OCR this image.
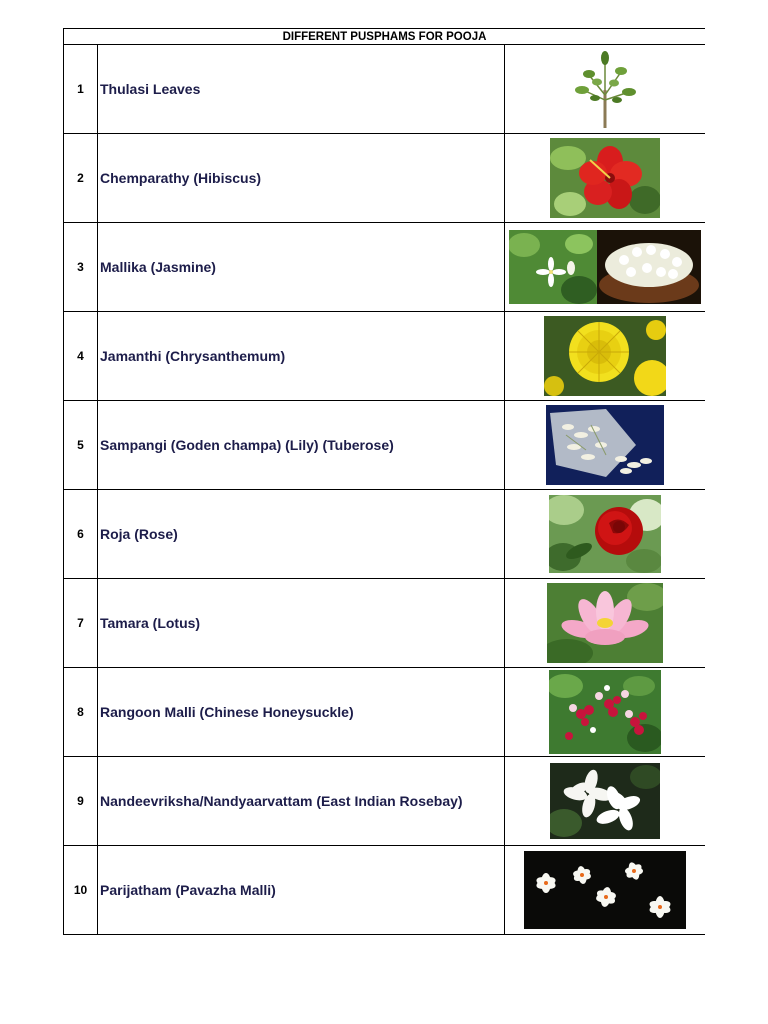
DIFFERENT PUSPHAMS FOR POOJA
1	Thulasi Leaves
2	Chemparathy (Hibiscus)
3	Mallika (Jasmine)
4	Jamanthi (Chrysanthemum)
5	Sampangi (Goden champa) (Lily) (Tuberose)
6	Roja (Rose)
7	Tamara (Lotus)
8	Rangoon Malli (Chinese Honeysuckle)
9	Nandeevriksha/Nandyaarvattam (East Indian Rosebay)
10 Parijatham (Pavazha Malli)
